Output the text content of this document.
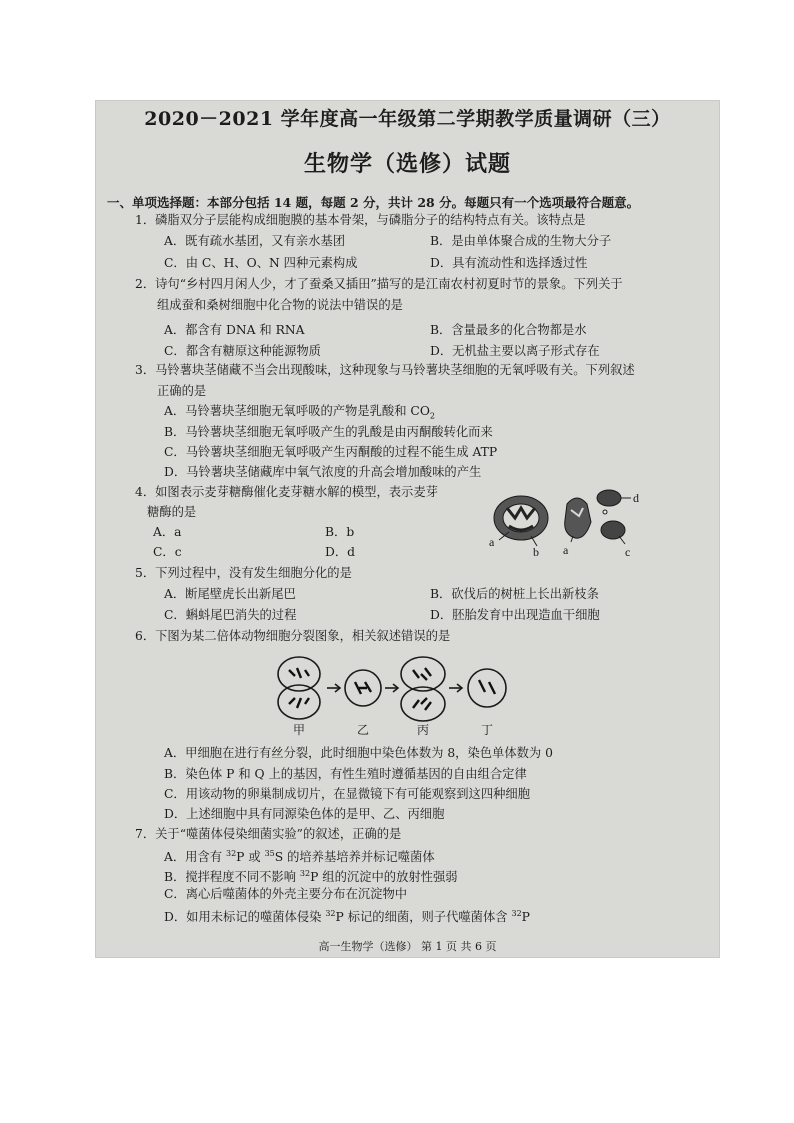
2020－2021 学年度高一年级第二学期教学质量调研（三）
生物学（选修）试题
一、单项选择题：本部分包括 14 题，每题 2 分，共计 28 分。每题只有一个选项最符合题意。
1．磷脂双分子层能构成细胞膜的基本骨架，与磷脂分子的结构特点有关。该特点是
A．既有疏水基团，又有亲水基团	B．是由单体聚合成的生物大分子
C．由 C、H、O、N 四种元素构成	D．具有流动性和选择透过性
2．诗句“乡村四月闲人少，才了蚕桑又插田”描写的是江南农村初夏时节的景象。下列关于
组成蚕和桑树细胞中化合物的说法中错误的是
A．都含有 DNA 和 RNA	B．含量最多的化合物都是水
C．都含有糖原这种能源物质	D．无机盐主要以离子形式存在
3．马铃薯块茎储藏不当会出现酸味，这种现象与马铃薯块茎细胞的无氧呼吸有关。下列叙述
正确的是
A．马铃薯块茎细胞无氧呼吸的产物是乳酸和 $CO_2$
B．马铃薯块茎细胞无氧呼吸产生的乳酸是由丙酮酸转化而来
C．马铃薯块茎细胞无氧呼吸产生丙酮酸的过程不能生成 ATP
D．马铃薯块茎储藏库中氧气浓度的升高会增加酸味的产生
4．如图表示麦芽糖酶催化麦芽糖水解的模型，表示麦芽
糖酶的是
A．a	B．b
C．c	D．d
a
b a	c
d
5．下列过程中，没有发生细胞分化的是
A．断尾壁虎长出新尾巴	B．砍伐后的树桩上长出新枝条
C．蝌蚪尾巴消失的过程	D．胚胎发育中出现造血干细胞
6．下图为某二倍体动物细胞分裂图象，相关叙述错误的是
甲	乙	丙	丁
A．甲细胞在进行有丝分裂，此时细胞中染色体数为 8，染色单体数为 0
B．染色体 P 和 Q 上的基因，有性生殖时遵循基因的自由组合定律
C．用该动物的卵巢制成切片，在显微镜下有可能观察到这四种细胞
D．上述细胞中具有同源染色体的是甲、乙、丙细胞
7．关于“噬菌体侵染细菌实验”的叙述，正确的是
A．用含有 $^{32}$P 或 $^{35}$S 的培养基培养并标记噬菌体
B．搅拌程度不同不影响 $^{32}$P 组的沉淀中的放射性强弱
C．离心后噬菌体的外壳主要分布在沉淀物中
D．如用未标记的噬菌体侵染 $^{32}$P 标记的细菌，则子代噬菌体含 $^{32}$P
高一生物学（选修） 第 1 页 共 6 页
